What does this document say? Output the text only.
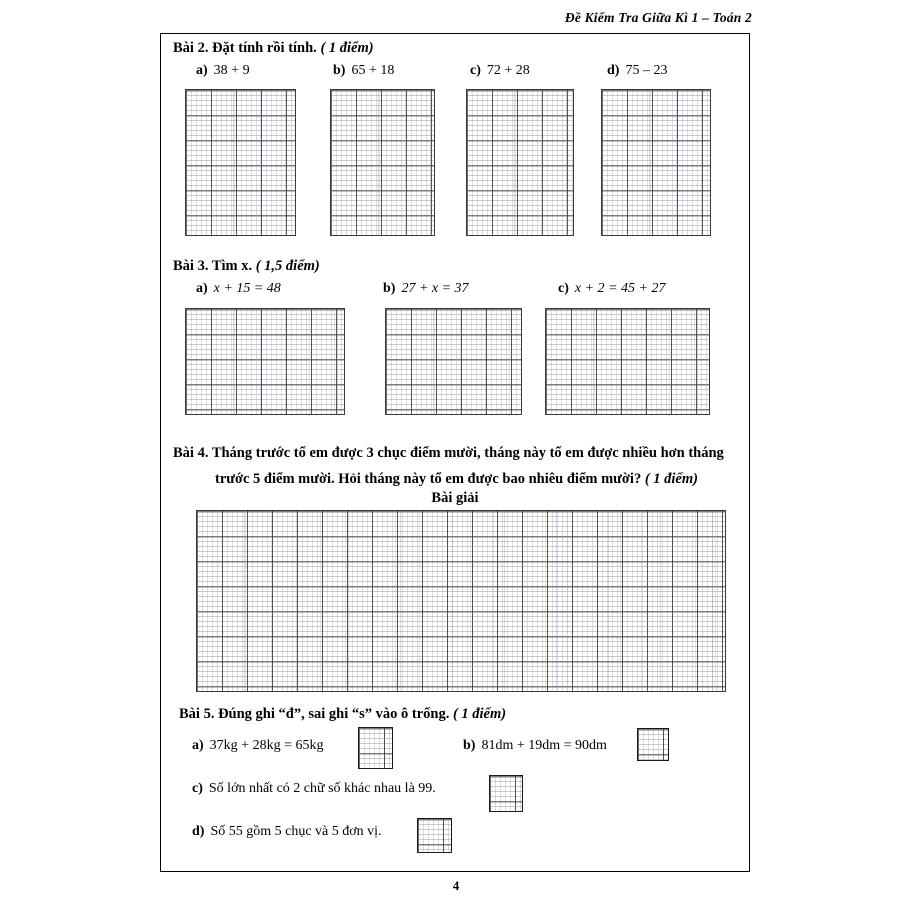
Đề Kiểm Tra Giữa Kì 1 – Toán 2
Bài 2. Đặt tính rồi tính. ( 1 điểm)
a) 38 + 9	b) 65 + 18	c) 72 + 28	d) 75 – 23
Bài 3. Tìm x. ( 1,5 điểm)
a) x + 15 = 48	b) 27 + x = 37	c) x + 2 = 45 + 27
Bài 4. Tháng trước tổ em được 3 chục điểm mười, tháng này tổ em được nhiều hơn tháng
trước 5 điểm mười. Hỏi tháng này tổ em được bao nhiêu điểm mười? ( 1 điểm)
Bài giải
Bài 5. Đúng ghi “đ”, sai ghi “s” vào ô trống. ( 1 điểm)
a) 37kg + 28kg = 65kg	b) 81dm + 19dm = 90dm
c) Số lớn nhất có 2 chữ số khác nhau là 99.
d) Số 55 gồm 5 chục và 5 đơn vị.
4
